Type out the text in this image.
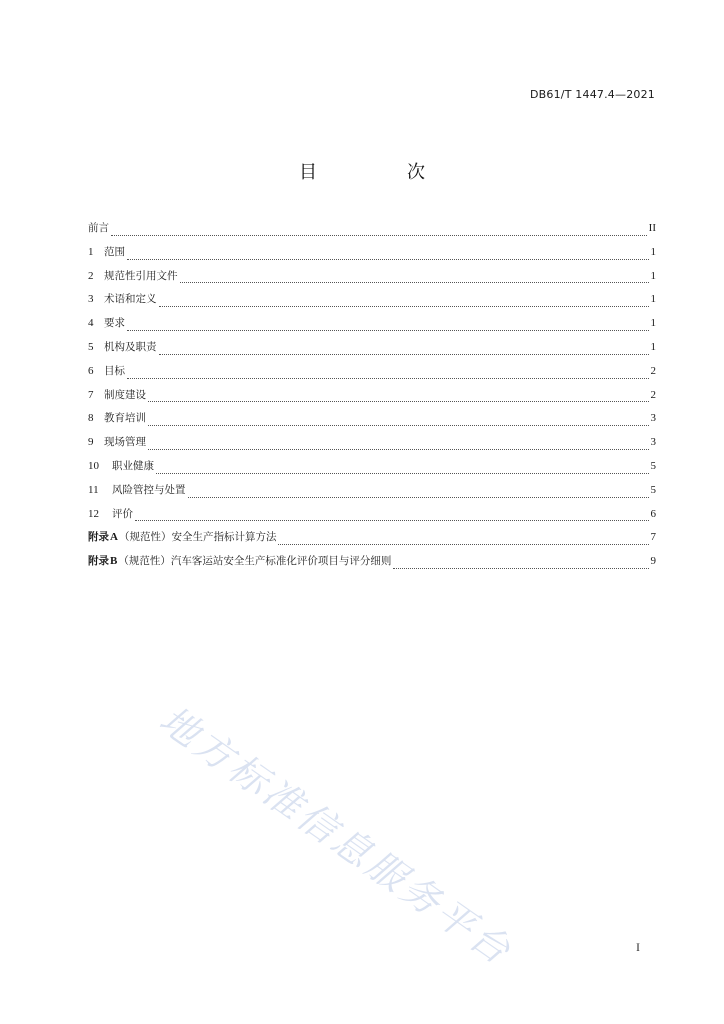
DB61/T 1447.4—2021
目　次
前言	II
1	范围	1
2	规范性引用文件	1
3	术语和定义	1
4	要求	1
5	机构及职责	1
6	目标	2
7	制度建设	2
8	教育培训	3
9	现场管理	3
10	职业健康	5
11	风险管控与处置	5
12	评价	6
附录A（规范性）安全生产指标计算方法	7
附录B（规范性）汽车客运站安全生产标准化评价项目与评分细则	9
地方标准信息服务平台	I
